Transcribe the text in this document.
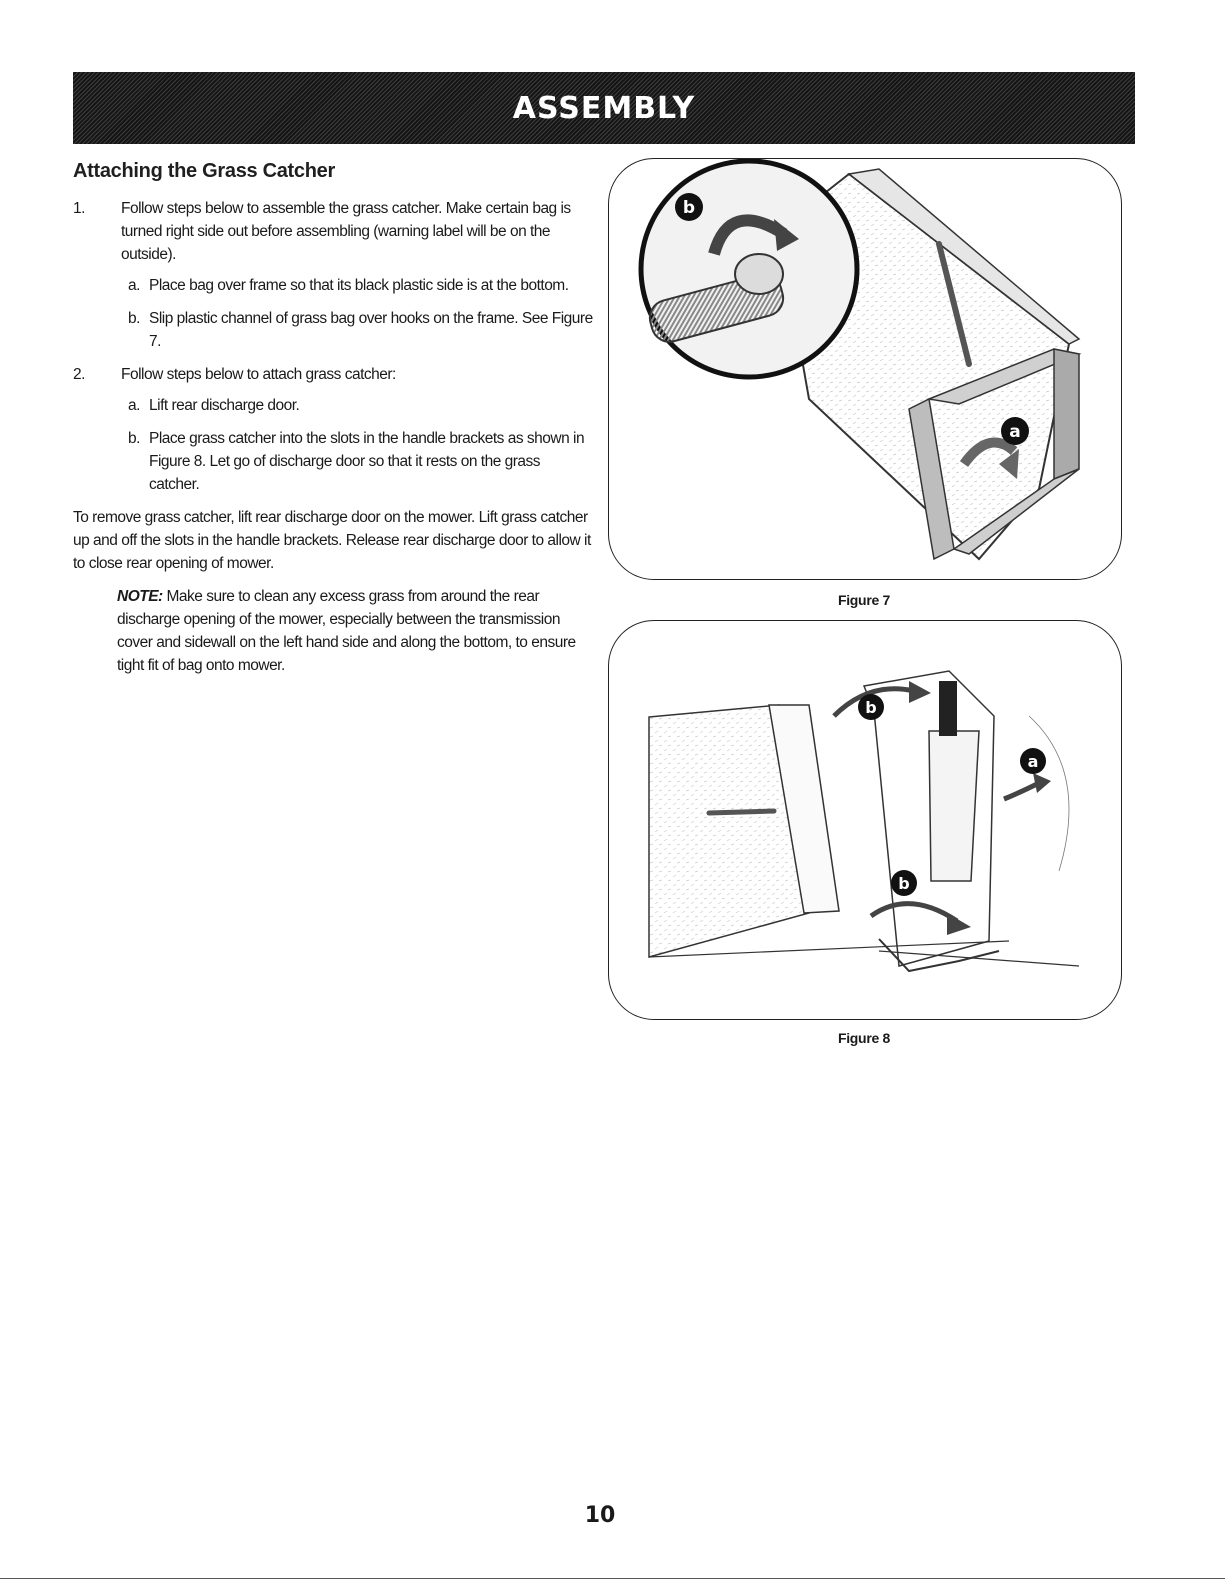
ASSEMBLY
Attaching the Grass Catcher
1.	Follow steps below to assemble the grass catcher. Make certain bag is turned right side out before assembling (warning label will be on the outside).
a. Place bag over frame so that its black plastic side is at the bottom.
b. Slip plastic channel of grass bag over hooks on the frame. See Figure 7.
2.	Follow steps below to attach grass catcher:
a. Lift rear discharge door.
b. Place grass catcher into the slots in the handle brackets as shown in Figure 8. Let go of discharge door so that it rests on the grass catcher.
To remove grass catcher, lift rear discharge door on the mower. Lift grass catcher up and off the slots in the handle brackets. Release rear discharge door to allow it to close rear opening of mower.
NOTE: Make sure to clean any excess grass from around the rear discharge opening of the mower, especially between the transmission cover and sidewall on the left hand side and along the bottom, to ensure tight fit of bag onto mower.
b
a
Figure 7
b
b
a
Figure 8
10
